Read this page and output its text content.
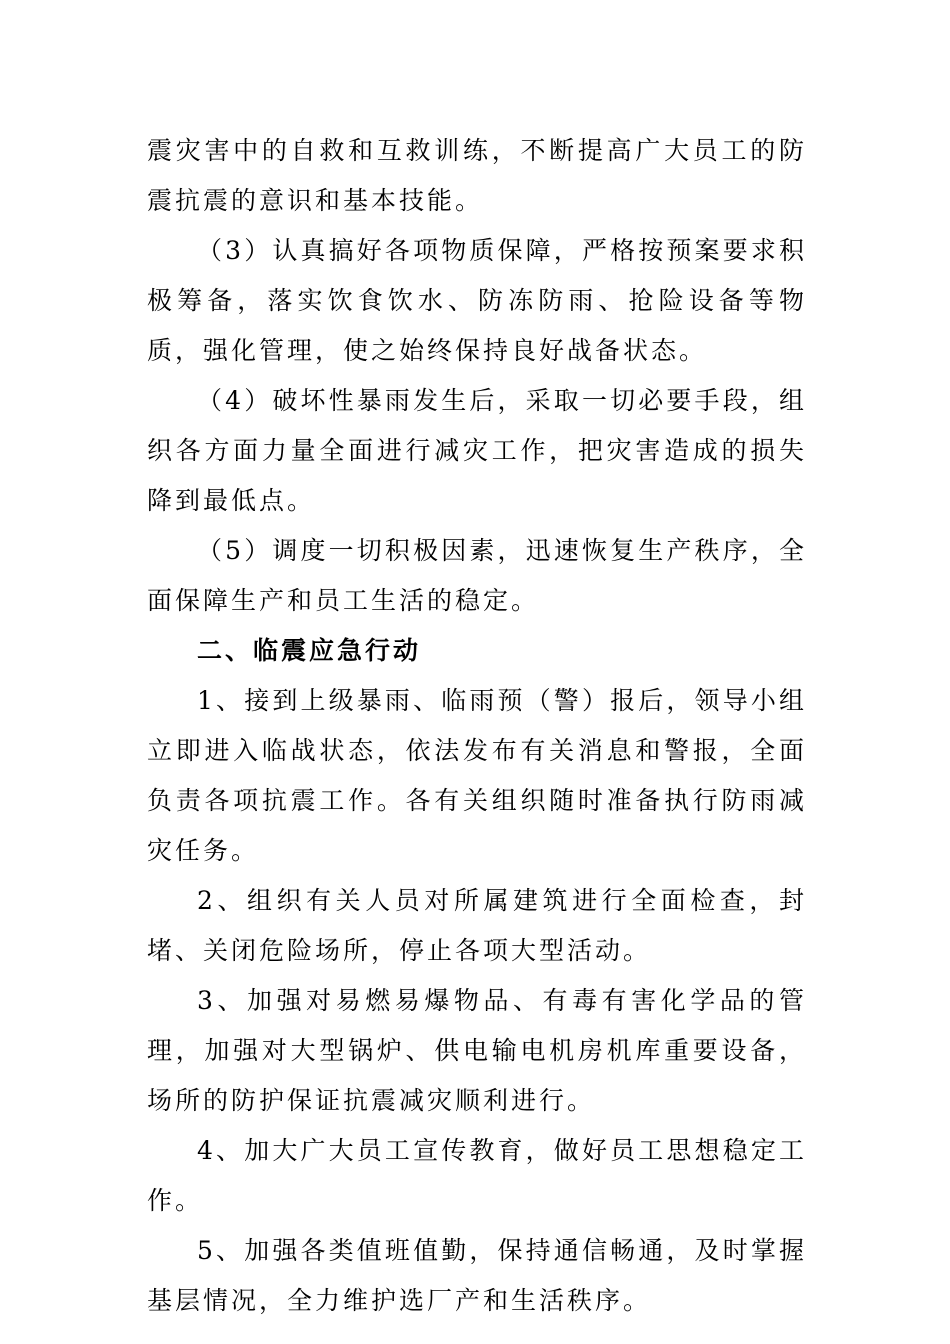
震灾害中的自救和互救训练，不断提高广大员工的防震抗震的意识和基本技能。

（3）认真搞好各项物质保障，严格按预案要求积极筹备，落实饮食饮水、防冻防雨、抢险设备等物质，强化管理，使之始终保持良好战备状态。

（4）破坏性暴雨发生后，采取一切必要手段，组织各方面力量全面进行减灾工作，把灾害造成的损失降到最低点。

（5）调度一切积极因素，迅速恢复生产秩序，全面保障生产和员工生活的稳定。

二、临震应急行动

1、接到上级暴雨、临雨预（警）报后，领导小组立即进入临战状态，依法发布有关消息和警报，全面负责各项抗震工作。各有关组织随时准备执行防雨减灾任务。

2、组织有关人员对所属建筑进行全面检查，封堵、关闭危险场所，停止各项大型活动。

3、加强对易燃易爆物品、有毒有害化学品的管理，加强对大型锅炉、供电输电机房机库重要设备，场所的防护保证抗震减灾顺利进行。

4、加大广大员工宣传教育，做好员工思想稳定工作。

5、加强各类值班值勤，保持通信畅通，及时掌握基层情况，全力维护选厂产和生活秩序。
